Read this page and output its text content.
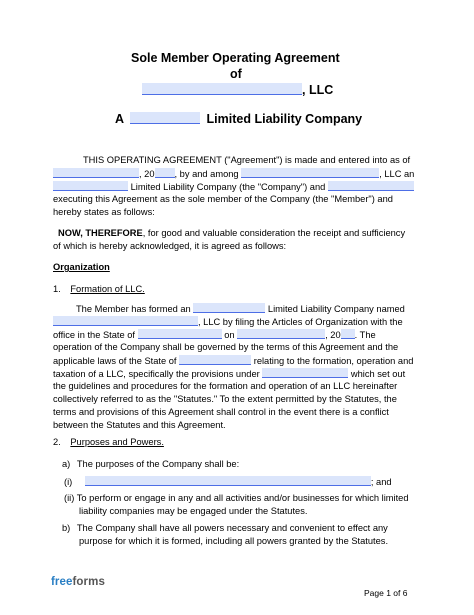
Sole Member Operating Agreement
of
, LLC
A	Limited Liability Company
THIS OPERATING AGREEMENT ("Agreement") is made and entered into as of
, 20 , by and among	, LLC an
Limited Liability Company (the "Company") and
executing this Agreement as the sole member of the Company (the "Member") and
hereby states as follows:
NOW, THEREFORE, for good and valuable consideration the receipt and sufficiency
of which is hereby acknowledged, it is agreed as follows:
Organization
1. Formation of LLC.
The Member has formed an	Limited Liability Company named
, LLC by filing the Articles of Organization with the
office in the State of	on	, 20 . The
operation of the Company shall be governed by the terms of this Agreement and the
applicable laws of the State of	relating to the formation, operation and
taxation of a LLC, specifically the provisions under	which set out
the guidelines and procedures for the formation and operation of an LLC hereinafter
collectively referred to as the "Statutes." To the extent permitted by the Statutes, the
terms and provisions of this Agreement shall control in the event there is a conflict
between the Statutes and this Agreement.
2. Purposes and Powers.
a) The purposes of the Company shall be:
(i)	; and
(ii) To perform or engage in any and all activities and/or businesses for which limited
liability companies may be engaged under the Statutes.
b) The Company shall have all powers necessary and convenient to effect any
purpose for which it is formed, including all powers granted by the Statutes.
freeforms
Page 1 of 6
